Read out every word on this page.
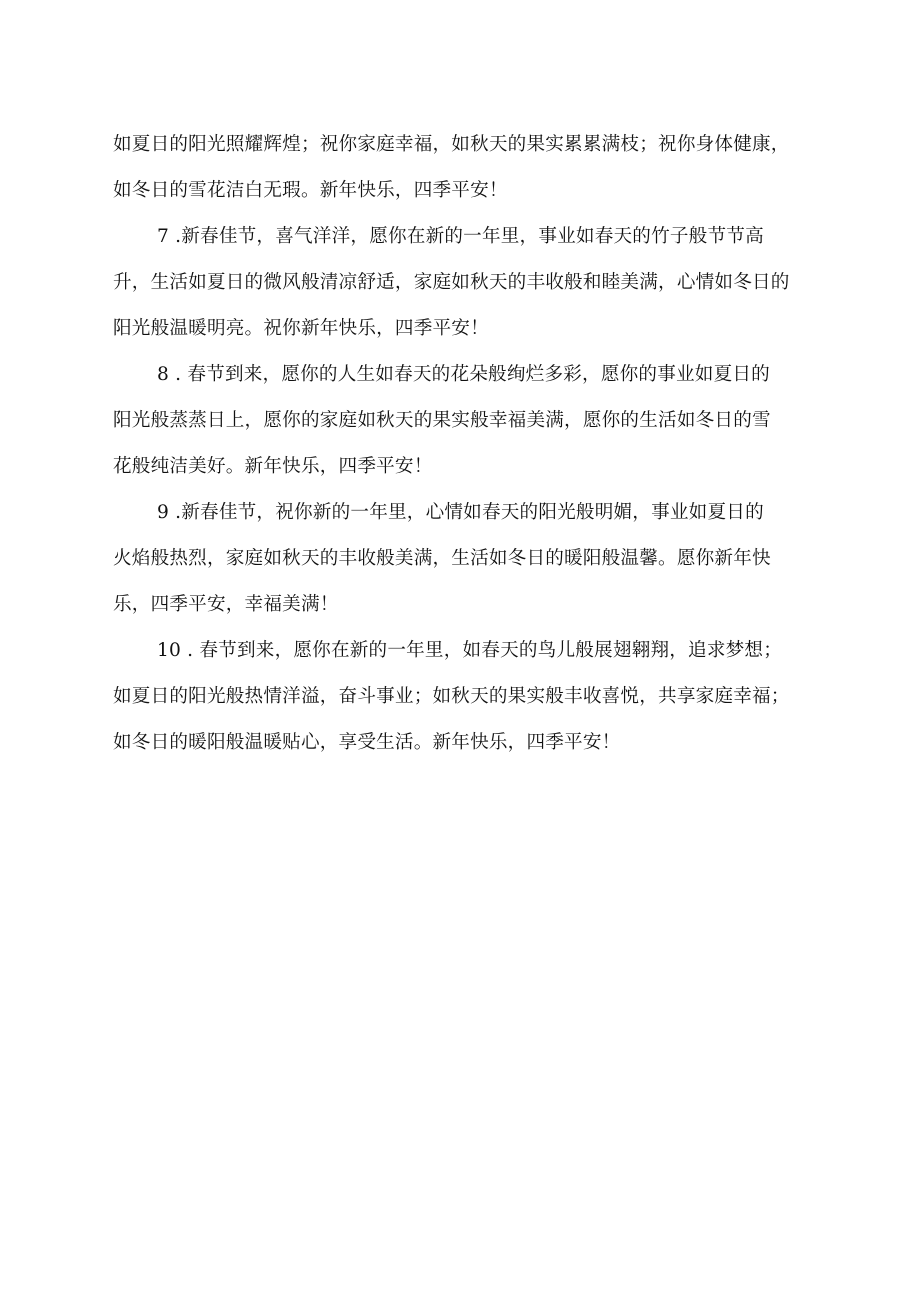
如夏日的阳光照耀辉煌；祝你家庭幸福，如秋天的果实累累满枝；祝你身体健康，
如冬日的雪花洁白无瑕。新年快乐，四季平安！
7 .新春佳节，喜气洋洋，愿你在新的一年里，事业如春天的竹子般节节高
升，生活如夏日的微风般清凉舒适，家庭如秋天的丰收般和睦美满，心情如冬日的
阳光般温暖明亮。祝你新年快乐，四季平安！
8 . 春节到来，愿你的人生如春天的花朵般绚烂多彩，愿你的事业如夏日的
阳光般蒸蒸日上，愿你的家庭如秋天的果实般幸福美满，愿你的生活如冬日的雪
花般纯洁美好。新年快乐，四季平安！
9 .新春佳节，祝你新的一年里，心情如春天的阳光般明媚，事业如夏日的
火焰般热烈，家庭如秋天的丰收般美满，生活如冬日的暖阳般温馨。愿你新年快
乐，四季平安，幸福美满！
10 . 春节到来，愿你在新的一年里，如春天的鸟儿般展翅翱翔，追求梦想；
如夏日的阳光般热情洋溢，奋斗事业；如秋天的果实般丰收喜悦，共享家庭幸福；
如冬日的暖阳般温暖贴心，享受生活。新年快乐，四季平安！
